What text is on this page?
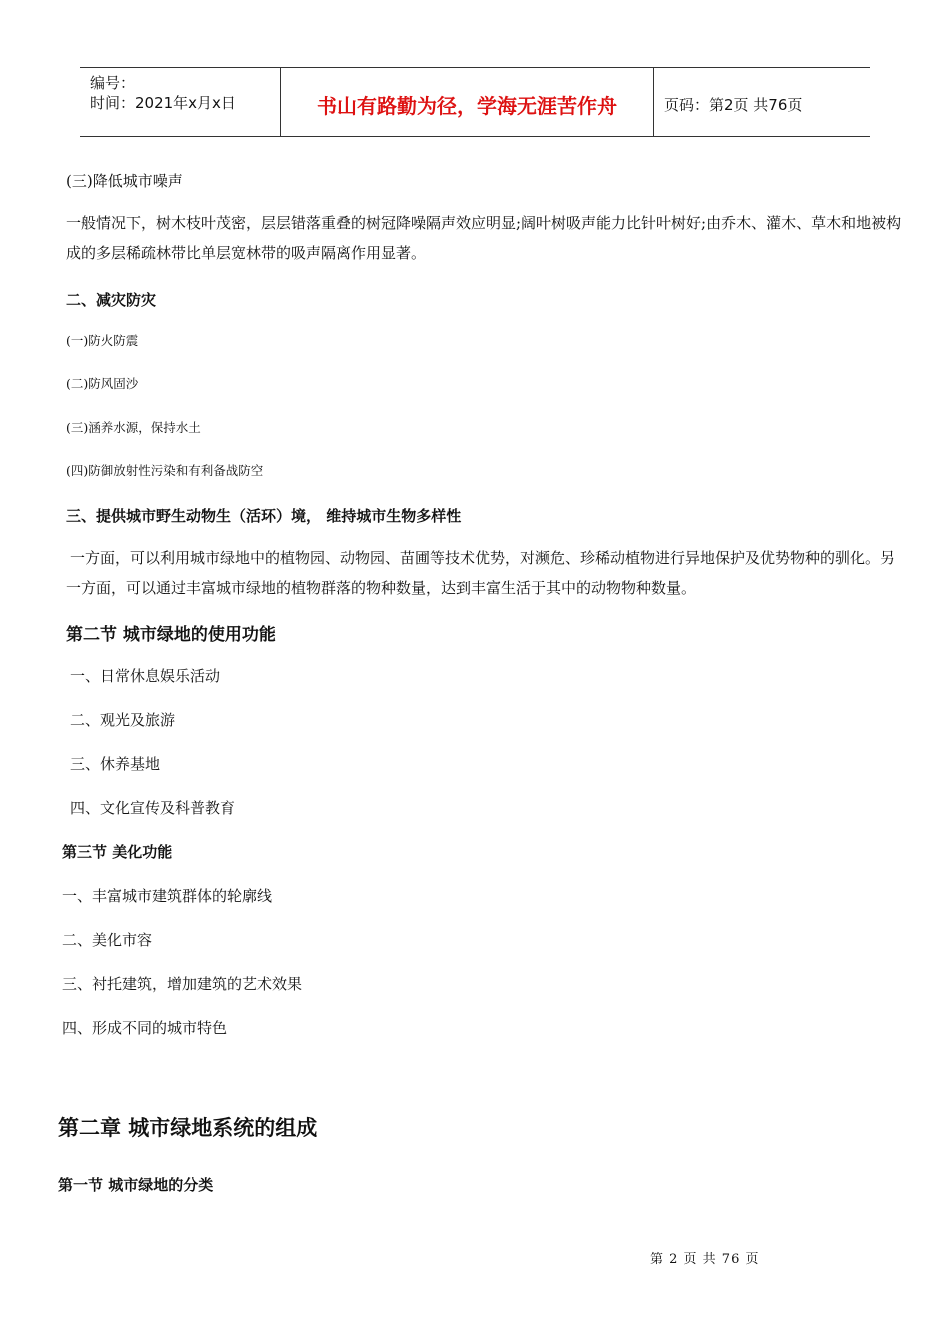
编号：
时间：2021年x月x日	书山有路勤为径，学海无涯苦作舟	页码：第2页 共76页
(三)降低城市噪声
一般情况下，树木枝叶茂密，层层错落重叠的树冠降噪隔声效应明显;阔叶树吸声能力比针叶树好;由乔木、灌木、草木和地被构成的多层稀疏林带比单层宽林带的吸声隔离作用显著。
二、减灾防灾
(一)防火防震
(二)防风固沙
(三)涵养水源，保持水土
(四)防御放射性污染和有利备战防空
三、提供城市野生动物生（活环）境， 维持城市生物多样性
一方面，可以利用城市绿地中的植物园、动物园、苗圃等技术优势，对濒危、珍稀动植物进行异地保护及优势物种的驯化。另一方面，可以通过丰富城市绿地的植物群落的物种数量，达到丰富生活于其中的动物物种数量。
第二节 城市绿地的使用功能
一、日常休息娱乐活动
二、观光及旅游
三、休养基地
四、文化宣传及科普教育
第三节 美化功能
一、丰富城市建筑群体的轮廓线
二、美化市容
三、衬托建筑，增加建筑的艺术效果
四、形成不同的城市特色
第二章 城市绿地系统的组成
第一节 城市绿地的分类
第 2 页 共 76 页
